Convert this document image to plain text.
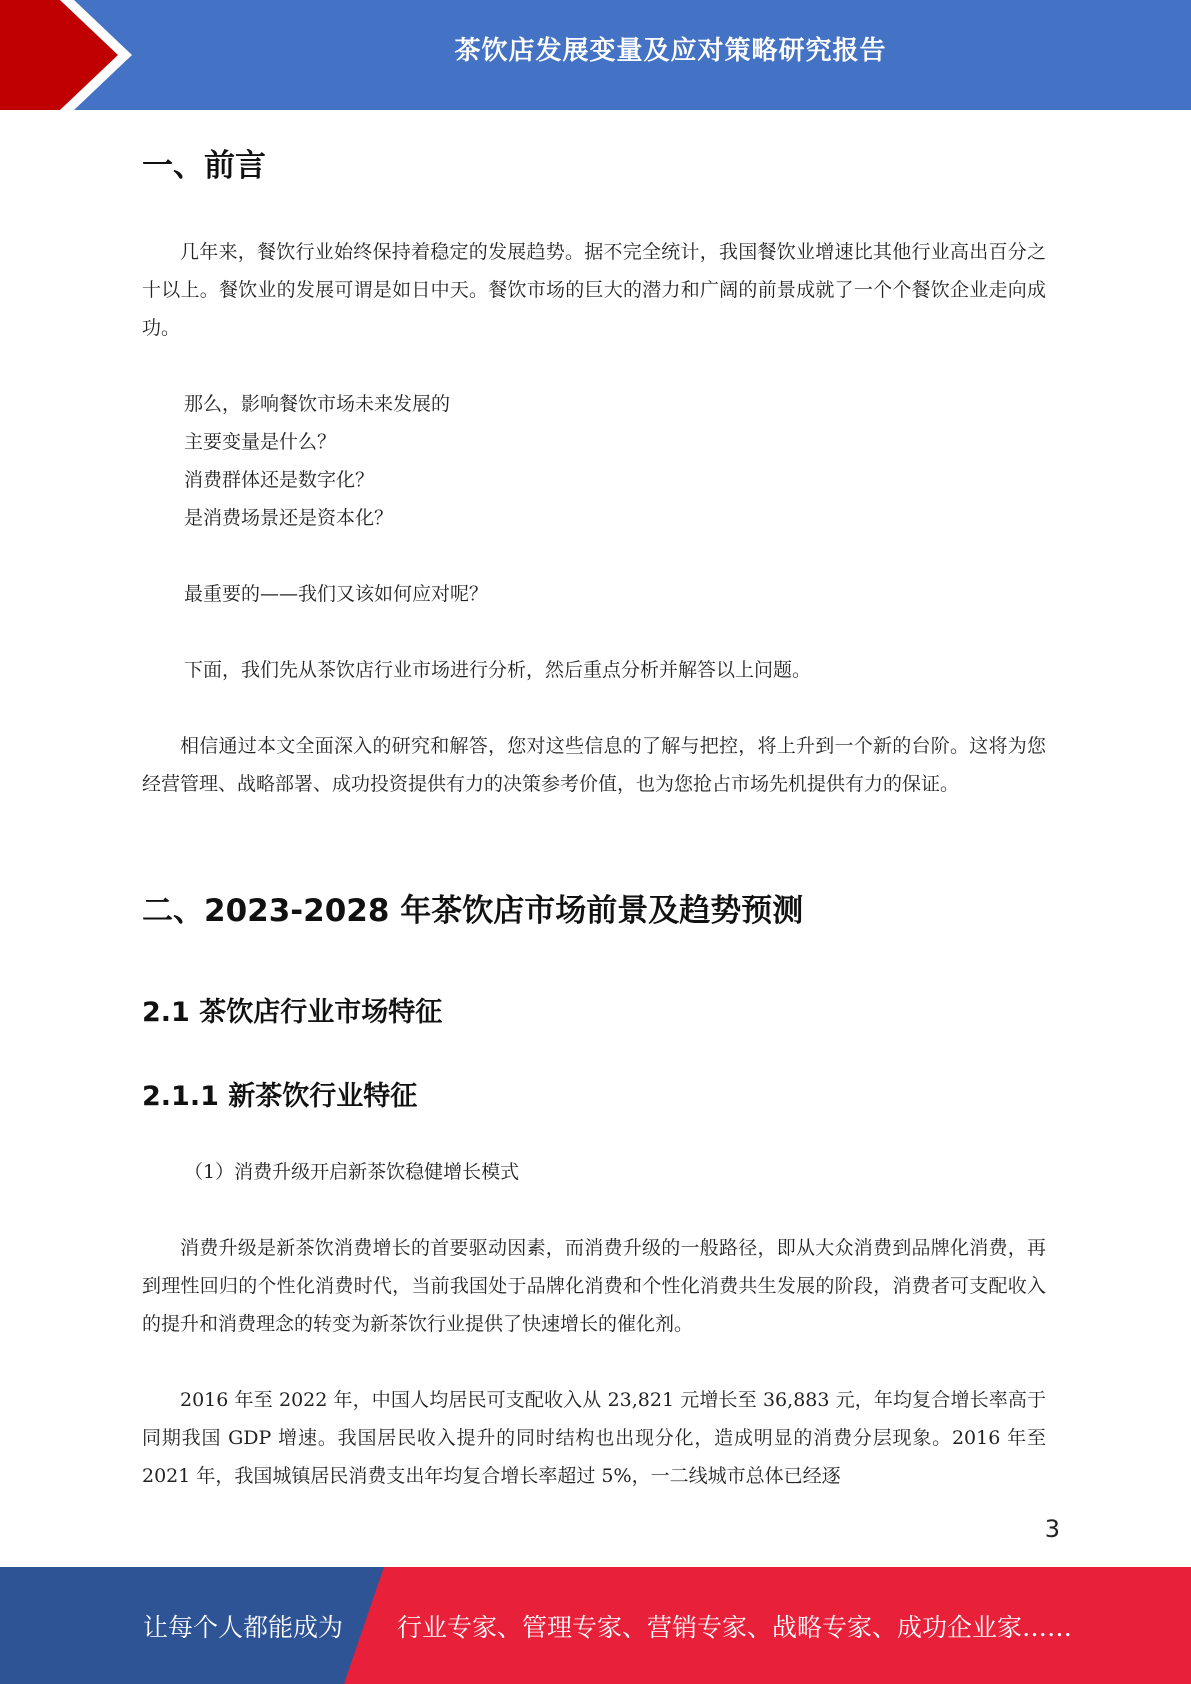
茶饮店发展变量及应对策略研究报告
一、前言

几年来，餐饮行业始终保持着稳定的发展趋势。据不完全统计，我国餐饮业增速比其他行业高出百分之十以上。餐饮业的发展可谓是如日中天。餐饮市场的巨大的潜力和广阔的前景成就了一个个餐饮企业走向成功。

那么，影响餐饮市场未来发展的
主要变量是什么？
消费群体还是数字化？
是消费场景还是资本化？
最重要的——我们又该如何应对呢？
下面，我们先从茶饮店行业市场进行分析，然后重点分析并解答以上问题。

相信通过本文全面深入的研究和解答，您对这些信息的了解与把控，将上升到一个新的台阶。这将为您经营管理、战略部署、成功投资提供有力的决策参考价值，也为您抢占市场先机提供有力的保证。

二、2023-2028 年茶饮店市场前景及趋势预测
2.1 茶饮店行业市场特征
2.1.1 新茶饮行业特征
（1）消费升级开启新茶饮稳健增长模式

消费升级是新茶饮消费增长的首要驱动因素，而消费升级的一般路径，即从大众消费到品牌化消费，再到理性回归的个性化消费时代，当前我国处于品牌化消费和个性化消费共生发展的阶段，消费者可支配收入的提升和消费理念的转变为新茶饮行业提供了快速增长的催化剂。

2016 年至 2022 年，中国人均居民可支配收入从 23,821 元增长至 36,883 元，年均复合增长率高于同期我国 GDP 增速。我国居民收入提升的同时结构也出现分化，造成明显的消费分层现象。2016 年至 2021 年，我国城镇居民消费支出年均复合增长率超过 5%，一二线城市总体已经逐

3
让每个人都能成为 行业专家、管理专家、营销专家、战略专家、成功企业家……
